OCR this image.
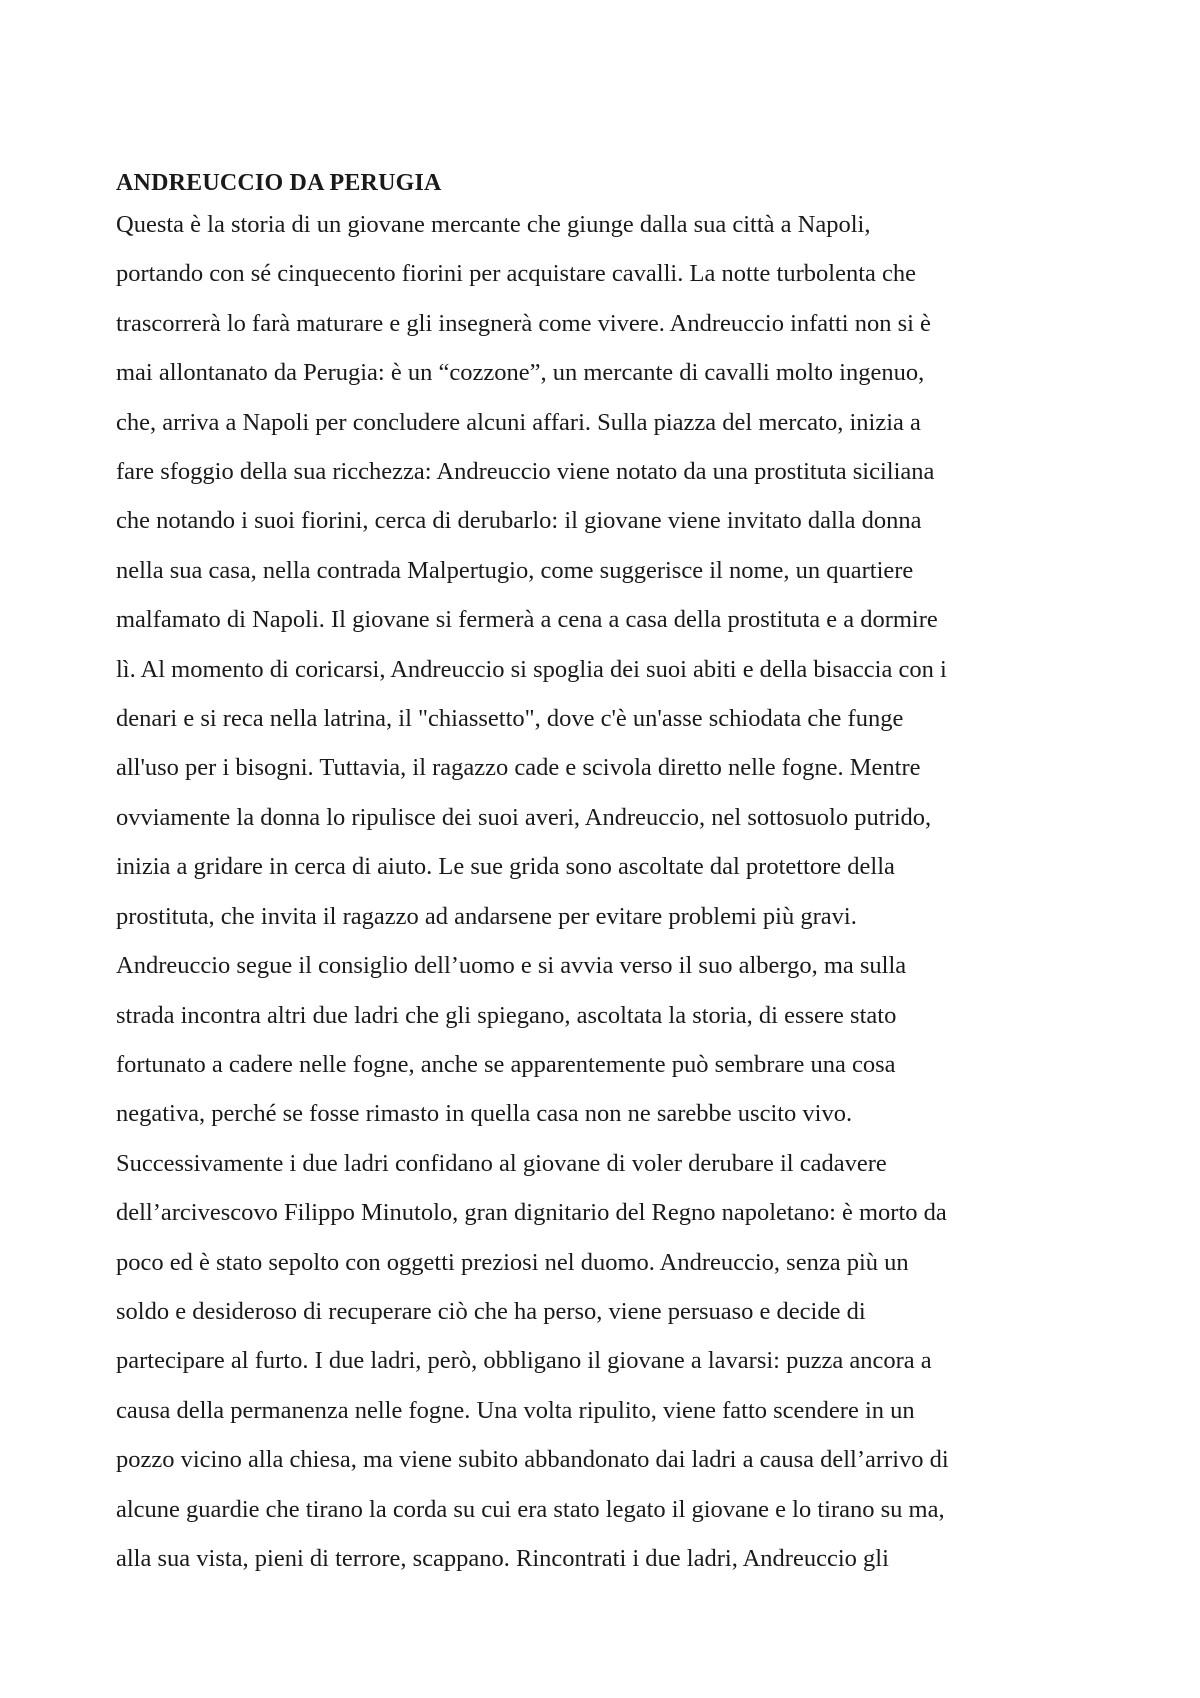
ANDREUCCIO DA PERUGIA

Questa è la storia di un giovane mercante che giunge dalla sua città a Napoli,

portando con sé cinquecento fiorini per acquistare cavalli. La notte turbolenta che

trascorrerà lo farà maturare e gli insegnerà come vivere. Andreuccio infatti non si è

mai allontanato da Perugia: è un “cozzone”, un mercante di cavalli molto ingenuo,

che, arriva a Napoli per concludere alcuni affari. Sulla piazza del mercato, inizia a

fare sfoggio della sua ricchezza: Andreuccio viene notato da una prostituta siciliana

che notando i suoi fiorini, cerca di derubarlo: il giovane viene invitato dalla donna

nella sua casa, nella contrada Malpertugio, come suggerisce il nome, un quartiere

malfamato di Napoli. Il giovane si fermerà a cena a casa della prostituta e a dormire

lì. Al momento di coricarsi, Andreuccio si spoglia dei suoi abiti e della bisaccia con i

denari e si reca nella latrina, il "chiassetto", dove c'è un'asse schiodata che funge

all'uso per i bisogni. Tuttavia, il ragazzo cade e scivola diretto nelle fogne. Mentre

ovviamente la donna lo ripulisce dei suoi averi, Andreuccio, nel sottosuolo putrido,

inizia a gridare in cerca di aiuto. Le sue grida sono ascoltate dal protettore della

prostituta, che invita il ragazzo ad andarsene per evitare problemi più gravi.

Andreuccio segue il consiglio dell’uomo e si avvia verso il suo albergo, ma sulla

strada incontra altri due ladri che gli spiegano, ascoltata la storia, di essere stato

fortunato a cadere nelle fogne, anche se apparentemente può sembrare una cosa

negativa, perché se fosse rimasto in quella casa non ne sarebbe uscito vivo.

Successivamente i due ladri confidano al giovane di voler derubare il cadavere

dell’arcivescovo Filippo Minutolo, gran dignitario del Regno napoletano: è morto da

poco ed è stato sepolto con oggetti preziosi nel duomo. Andreuccio, senza più un

soldo e desideroso di recuperare ciò che ha perso, viene persuaso e decide di

partecipare al furto. I due ladri, però, obbligano il giovane a lavarsi: puzza ancora a

causa della permanenza nelle fogne. Una volta ripulito, viene fatto scendere in un

pozzo vicino alla chiesa, ma viene subito abbandonato dai ladri a causa dell’arrivo di

alcune guardie che tirano la corda su cui era stato legato il giovane e lo tirano su ma,

alla sua vista, pieni di terrore, scappano. Rincontrati i due ladri, Andreuccio gli
